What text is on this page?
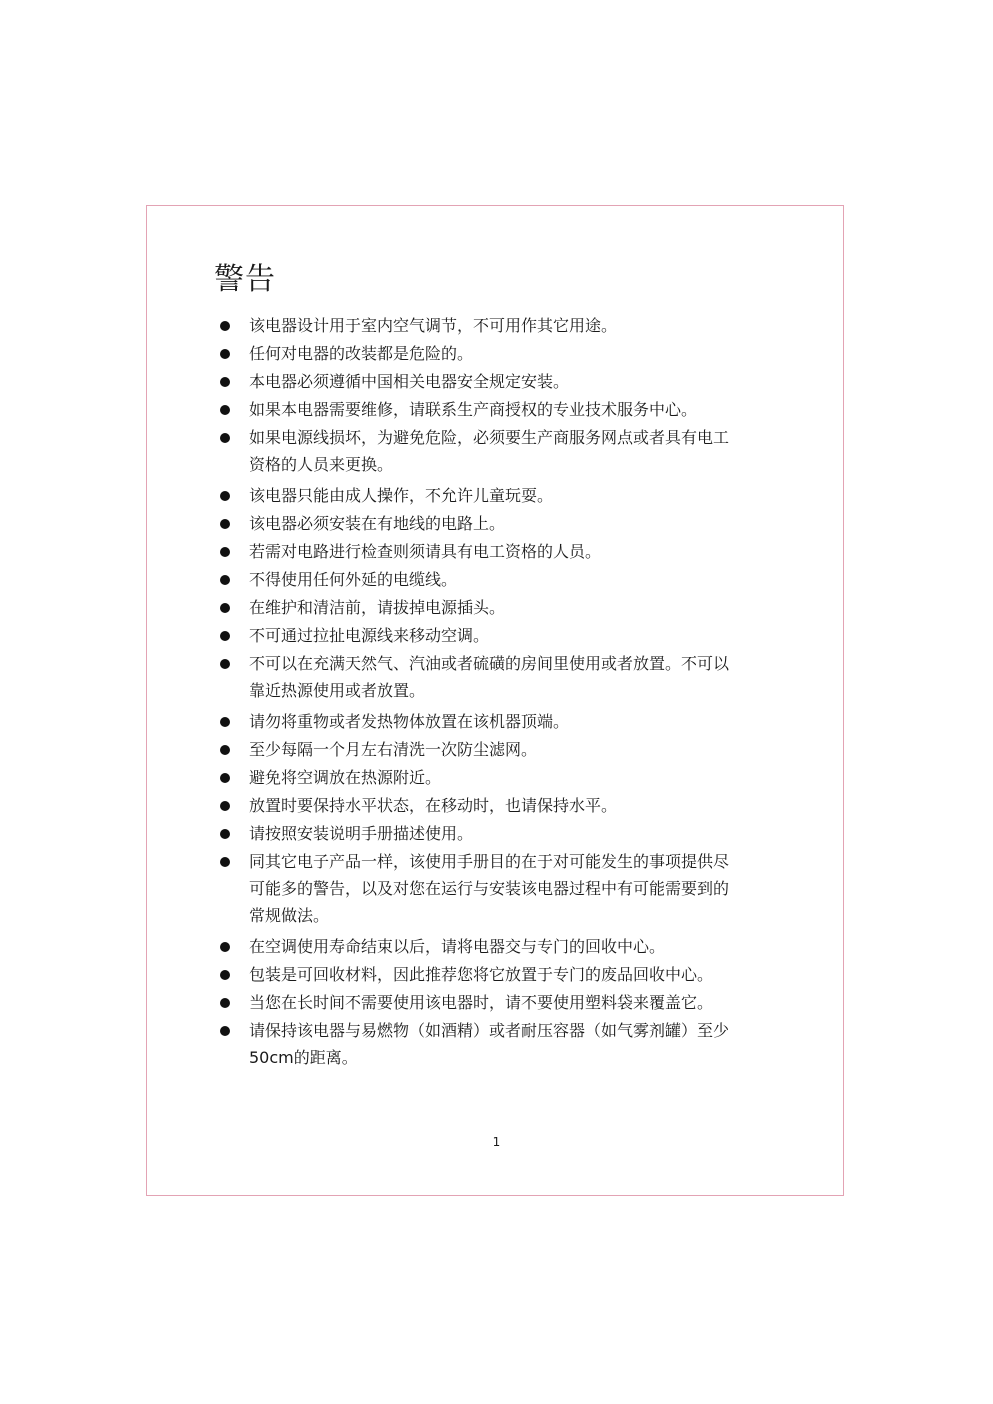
警告
该电器设计用于室内空气调节，不可用作其它用途。
任何对电器的改装都是危险的。
本电器必须遵循中国相关电器安全规定安装。
如果本电器需要维修，请联系生产商授权的专业技术服务中心。
如果电源线损坏，为避免危险，必须要生产商服务网点或者具有电工
资格的人员来更换。
该电器只能由成人操作，不允许儿童玩耍。
该电器必须安装在有地线的电路上。
若需对电路进行检查则须请具有电工资格的人员。
不得使用任何外延的电缆线。
在维护和清洁前，请拔掉电源插头。
不可通过拉扯电源线来移动空调。
不可以在充满天然气、汽油或者硫磺的房间里使用或者放置。不可以
靠近热源使用或者放置。
请勿将重物或者发热物体放置在该机器顶端。
至少每隔一个月左右清洗一次防尘滤网。
避免将空调放在热源附近。
放置时要保持水平状态，在移动时，也请保持水平。
请按照安装说明手册描述使用。
同其它电子产品一样，该使用手册目的在于对可能发生的事项提供尽
可能多的警告，以及对您在运行与安装该电器过程中有可能需要到的
常规做法。
在空调使用寿命结束以后，请将电器交与专门的回收中心。
包装是可回收材料，因此推荐您将它放置于专门的废品回收中心。
当您在长时间不需要使用该电器时，请不要使用塑料袋来覆盖它。
请保持该电器与易燃物（如酒精）或者耐压容器（如气雾剂罐）至少
50cm的距离。
1
